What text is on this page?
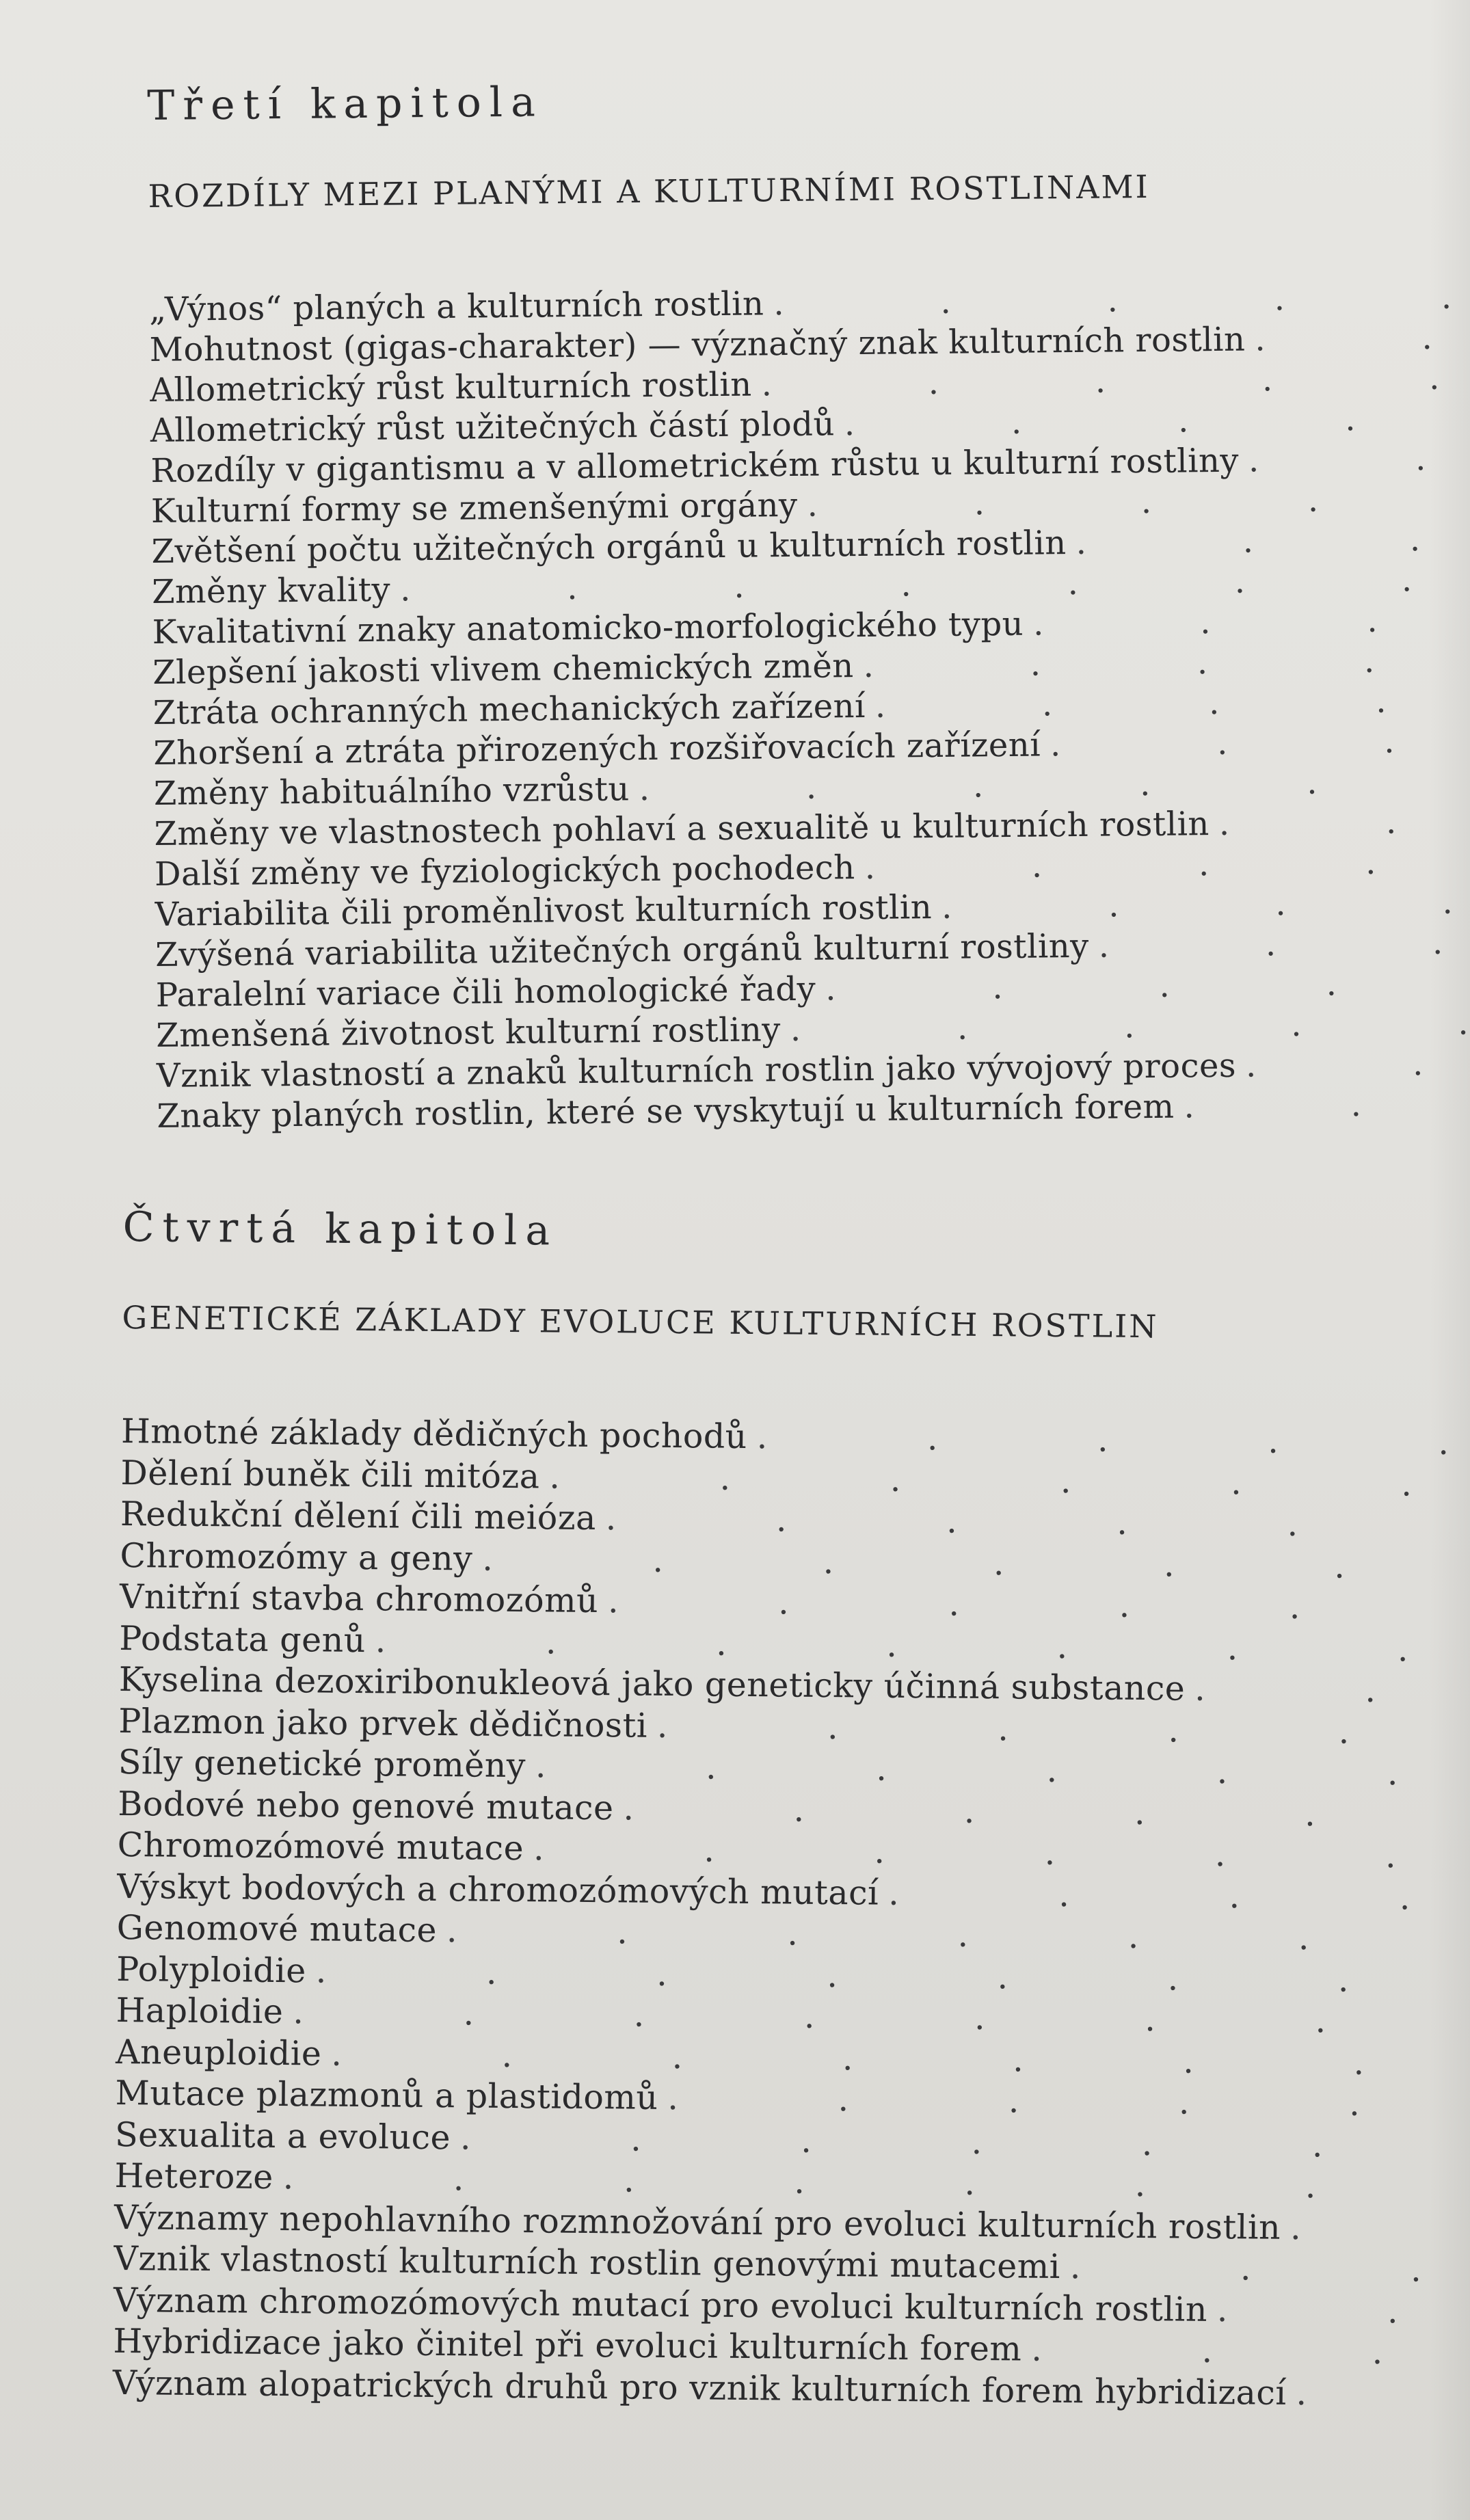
Třetí kapitola
ROZDÍLY MEZI PLANÝMI A KULTURNÍMI ROSTLINAMI
„Výnos“ planých a kulturních rostlin
.
Mohutnost (gigas-charakter) — význačný znak kulturních rostlin
.
Allometrický růst kulturních rostlin
.
Allometrický růst užitečných částí plodů
.
Rozdíly v gigantismu a v allometrickém růstu u kulturní rostliny
.
Kulturní formy se zmenšenými orgány
.
Zvětšení počtu užitečných orgánů u kulturních rostlin
.
Změny kvality
.
Kvalitativní znaky anatomicko-morfologického typu
.
Zlepšení jakosti vlivem chemických změn
.
Ztráta ochranných mechanických zařízení
.
Zhoršení a ztráta přirozených rozšiřovacích zařízení
.
Změny habituálního vzrůstu
.
Změny ve vlastnostech pohlaví a sexualitě u kulturních rostlin
.
Další změny ve fyziologických pochodech
.
Variabilita čili proměnlivost kulturních rostlin
.
Zvýšená variabilita užitečných orgánů kulturní rostliny
.
Paralelní variace čili homologické řady
.
Zmenšená životnost kulturní rostliny
.
Vznik vlastností a znaků kulturních rostlin jako vývojový proces
.
Znaky planých rostlin, které se vyskytují u kulturních forem
.
Čtvrtá kapitola
GENETICKÉ ZÁKLADY EVOLUCE KULTURNÍCH ROSTLIN
Hmotné základy dědičných pochodů
.
Dělení buněk čili mitóza
.
Redukční dělení čili meióza
.
Chromozómy a geny
.
Vnitřní stavba chromozómů
.
Podstata genů
.
Kyselina dezoxiribonukleová jako geneticky účinná substance
.
Plazmon jako prvek dědičnosti
.
Síly genetické proměny
.
Bodové nebo genové mutace
.
Chromozómové mutace
.
Výskyt bodových a chromozómových mutací
.
Genomové mutace
.
Polyploidie
.
Haploidie
.
Aneuploidie
.
Mutace plazmonů a plastidomů
.
Sexualita a evoluce
.
Heteroze
.
Významy nepohlavního rozmnožování pro evoluci kulturních rostlin
.
Vznik vlastností kulturních rostlin genovými mutacemi
.
Význam chromozómových mutací pro evoluci kulturních rostlin
.
Hybridizace jako činitel při evoluci kulturních forem
.
Význam alopatrických druhů pro vznik kulturních forem hybridizací
.
